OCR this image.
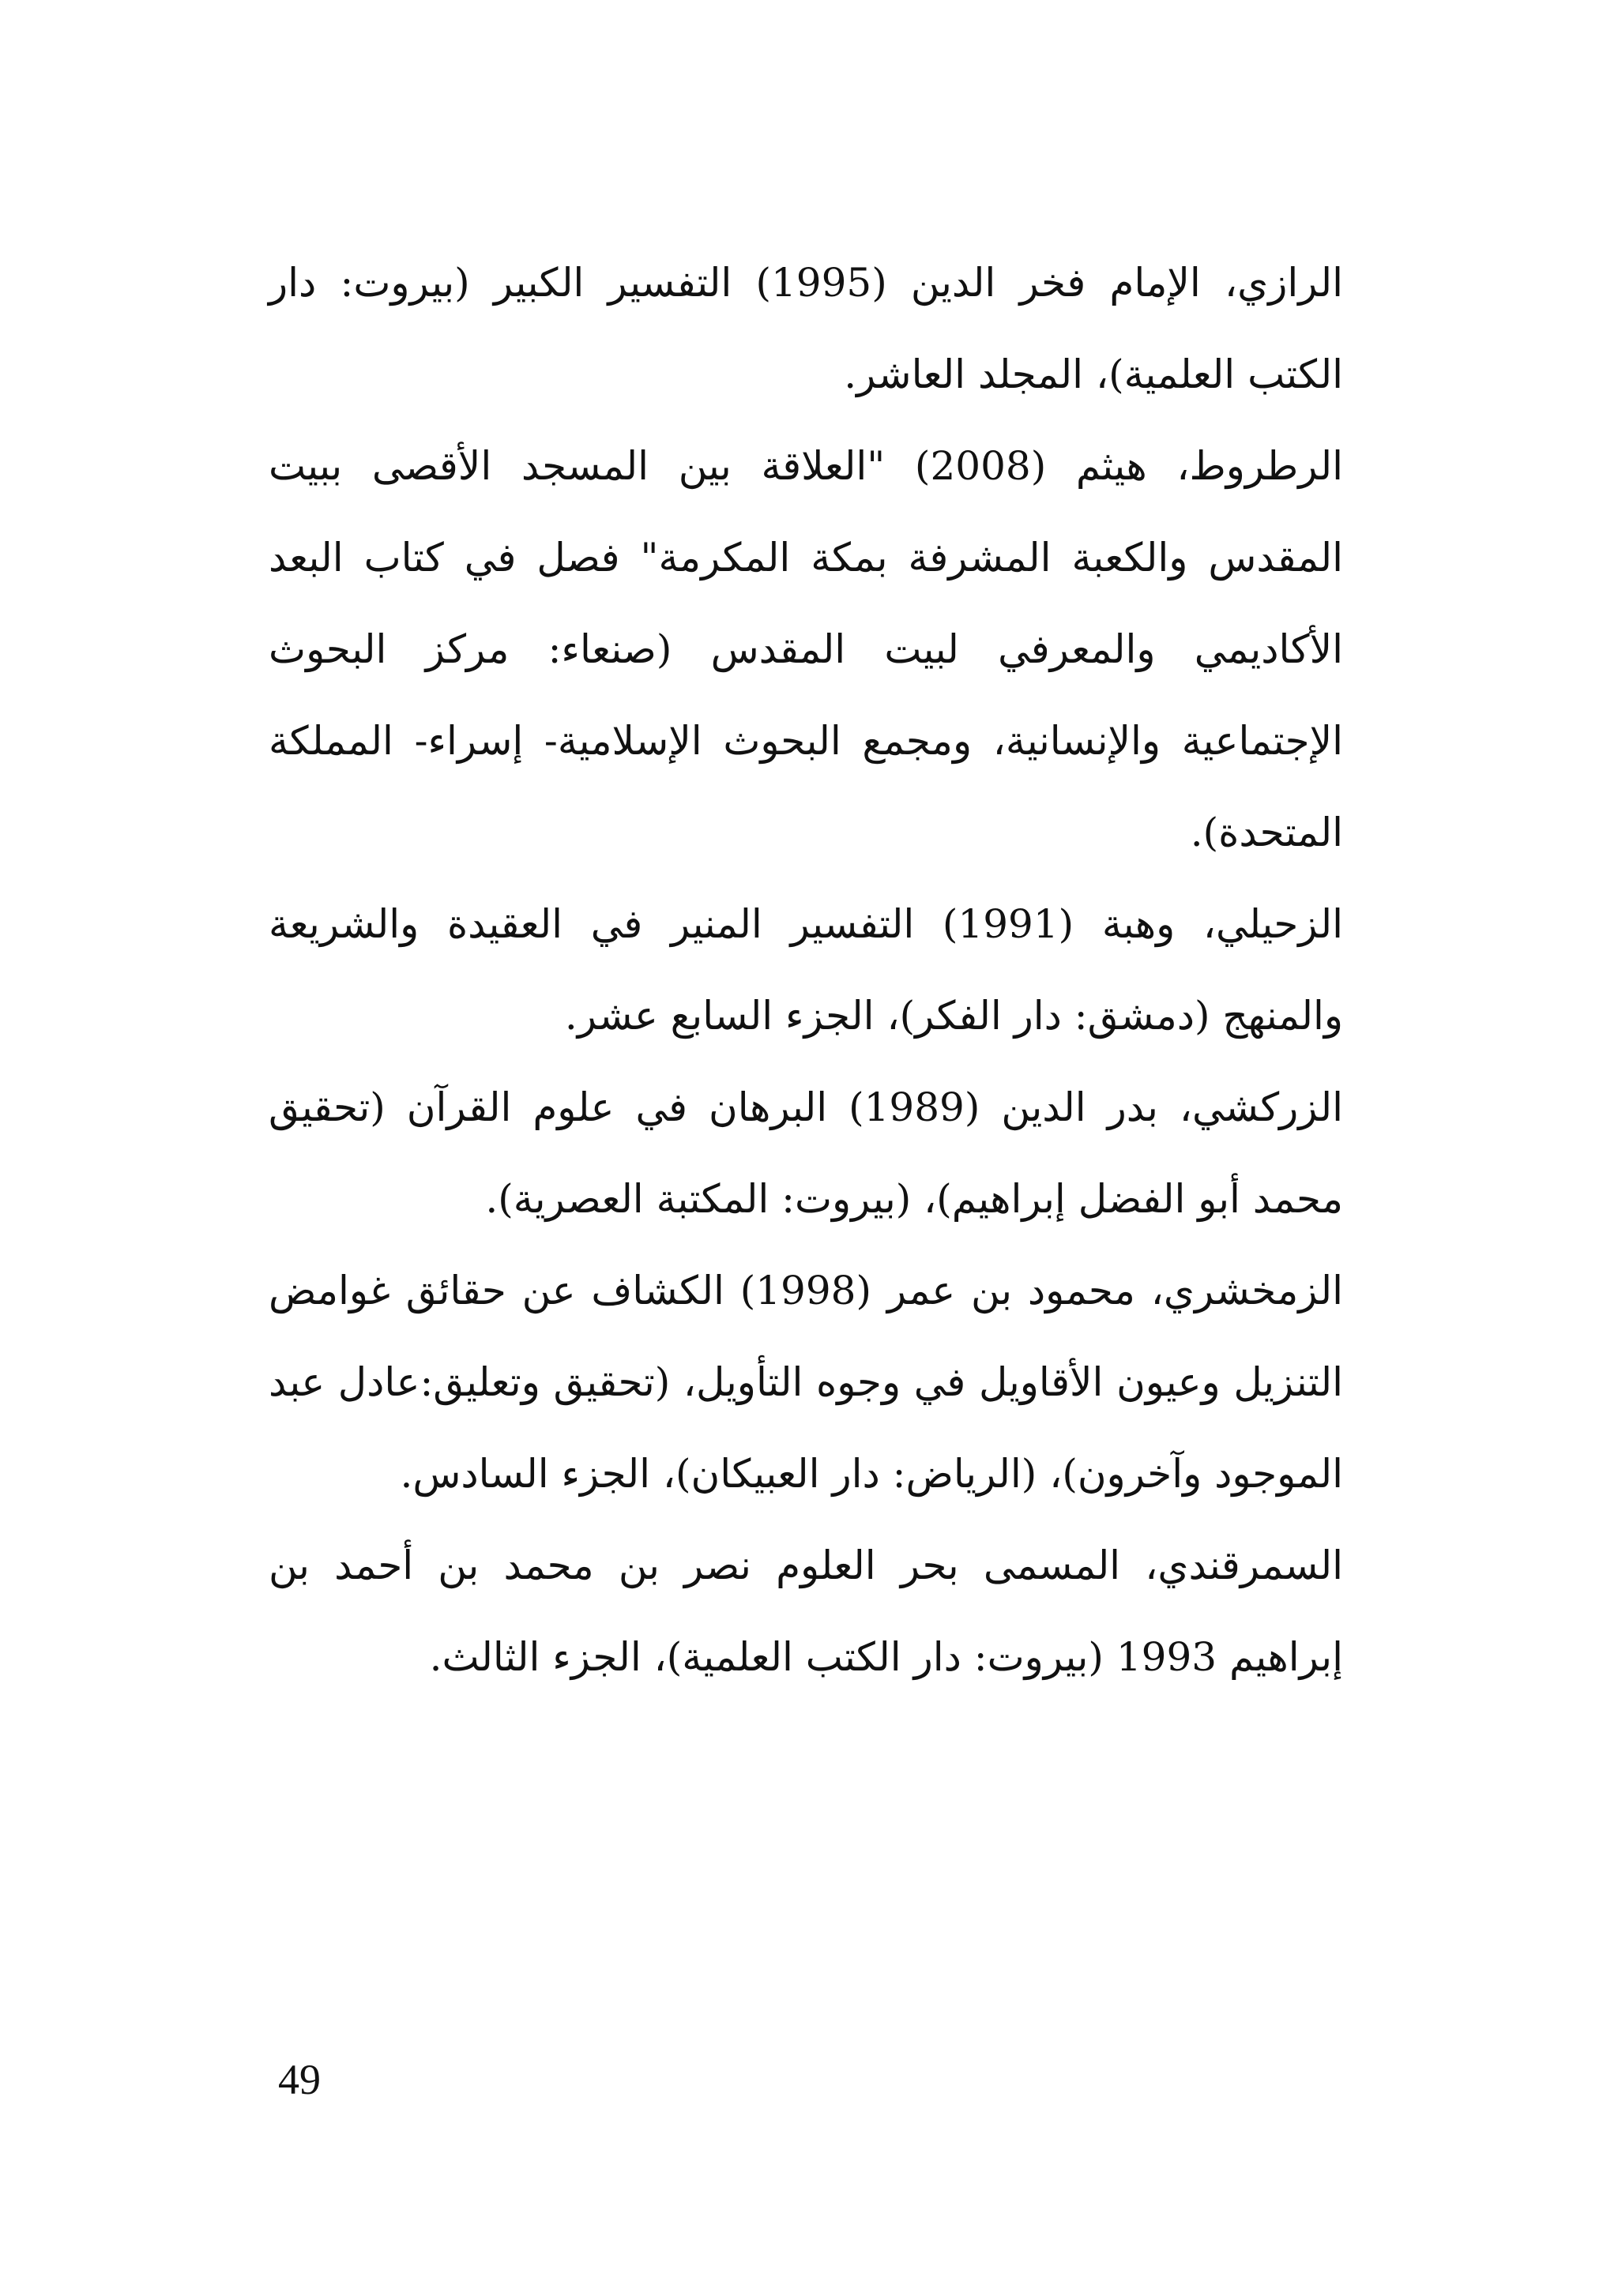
الرازي، الإمام فخر الدين (1995) التفسير الكبير (بيروت: دار الكتب العلمية)، المجلد العاشر.

الرطروط، هيثم (2008) "العلاقة بين المسجد الأقصى ببيت المقدس والكعبة المشرفة بمكة المكرمة" فصل في كتاب البعد الأكاديمي والمعرفي لبيت المقدس (صنعاء: مركز البحوث الإجتماعية والإنسانية، ومجمع البحوث الإسلامية- إسراء- المملكة المتحدة).

الزحيلي، وهبة (1991) التفسير المنير في العقيدة والشريعة والمنهج (دمشق: دار الفكر)، الجزء السابع عشر.

الزركشي، بدر الدين (1989) البرهان في علوم القرآن (تحقيق محمد أبو الفضل إبراهيم)، (بيروت: المكتبة العصرية).

الزمخشري، محمود بن عمر (1998) الكشاف عن حقائق غوامض التنزيل وعيون الأقاويل في وجوه التأويل، (تحقيق وتعليق:عادل عبد الموجود وآخرون)، (الرياض: دار العبيكان)، الجزء السادس.

السمرقندي، المسمى بحر العلوم نصر بن محمد بن أحمد بن إبراهيم 1993 (بيروت: دار الكتب العلمية)، الجزء الثالث.

49
